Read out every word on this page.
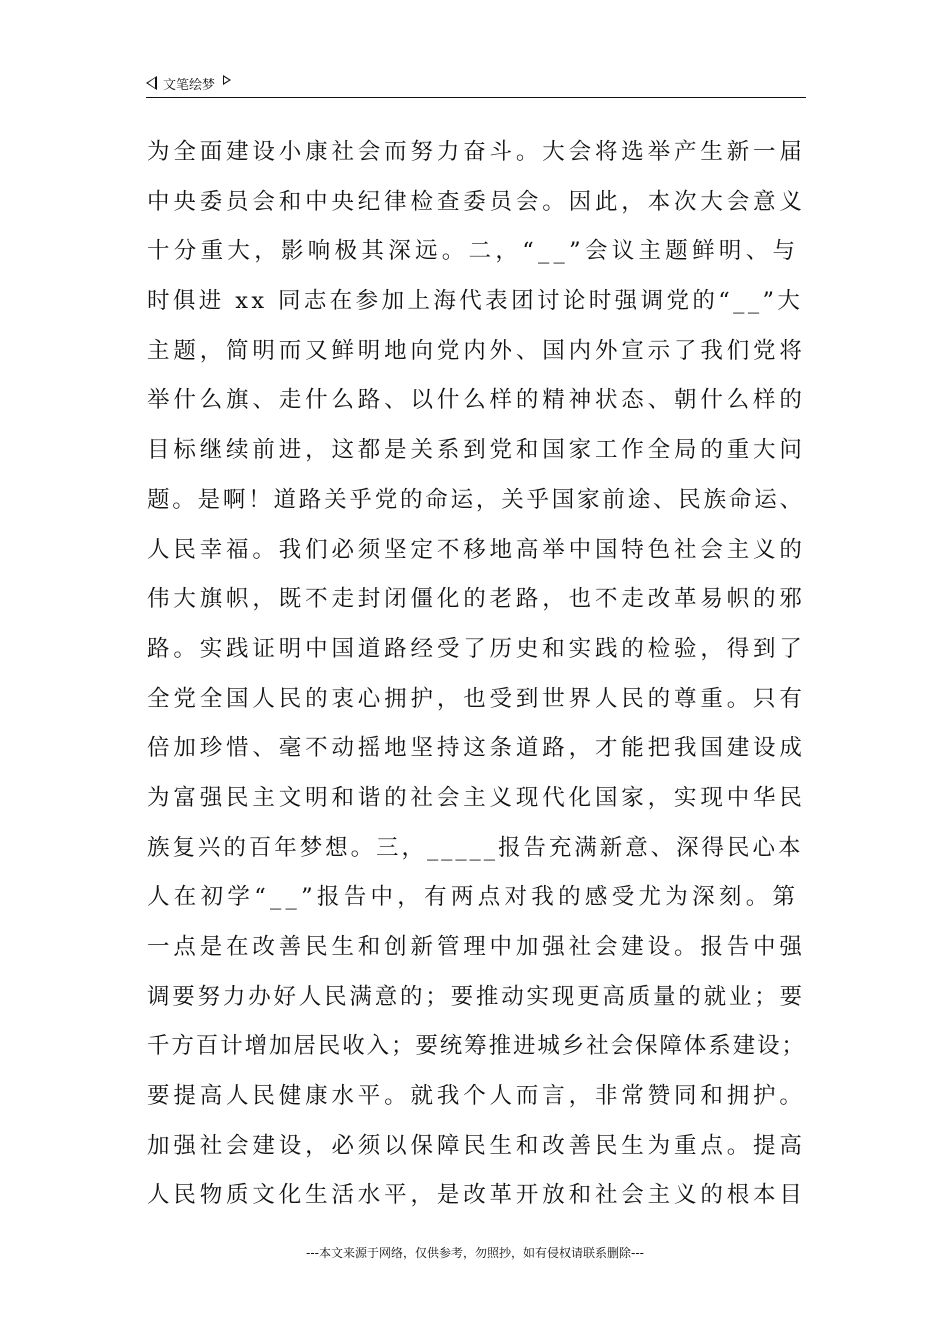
文笔绘梦
为全面建设小康社会而努力奋斗。大会将选举产生新一届
中央委员会和中央纪律检查委员会。因此，本次大会意义
十分重大，影响极其深远。二，“__”会议主题鲜明、与
时俱进 xx 同志在参加上海代表团讨论时强调党的“__”大
主题，简明而又鲜明地向党内外、国内外宣示了我们党将
举什么旗、走什么路、以什么样的精神状态、朝什么样的
目标继续前进，这都是关系到党和国家工作全局的重大问
题。是啊！道路关乎党的命运，关乎国家前途、民族命运、
人民幸福。我们必须坚定不移地高举中国特色社会主义的
伟大旗帜，既不走封闭僵化的老路，也不走改革易帜的邪
路。实践证明中国道路经受了历史和实践的检验，得到了
全党全国人民的衷心拥护，也受到世界人民的尊重。只有
倍加珍惜、毫不动摇地坚持这条道路，才能把我国建设成
为富强民主文明和谐的社会主义现代化国家，实现中华民
族复兴的百年梦想。三，_____报告充满新意、深得民心本
人在初学“__”报告中，有两点对我的感受尤为深刻。第
一点是在改善民生和创新管理中加强社会建设。报告中强
调要努力办好人民满意的；要推动实现更高质量的就业；要
千方百计增加居民收入；要统筹推进城乡社会保障体系建设；
要提高人民健康水平。就我个人而言，非常赞同和拥护。
加强社会建设，必须以保障民生和改善民生为重点。提高
人民物质文化生活水平，是改革开放和社会主义的根本目
---本文来源于网络，仅供参考，勿照抄，如有侵权请联系删除---
